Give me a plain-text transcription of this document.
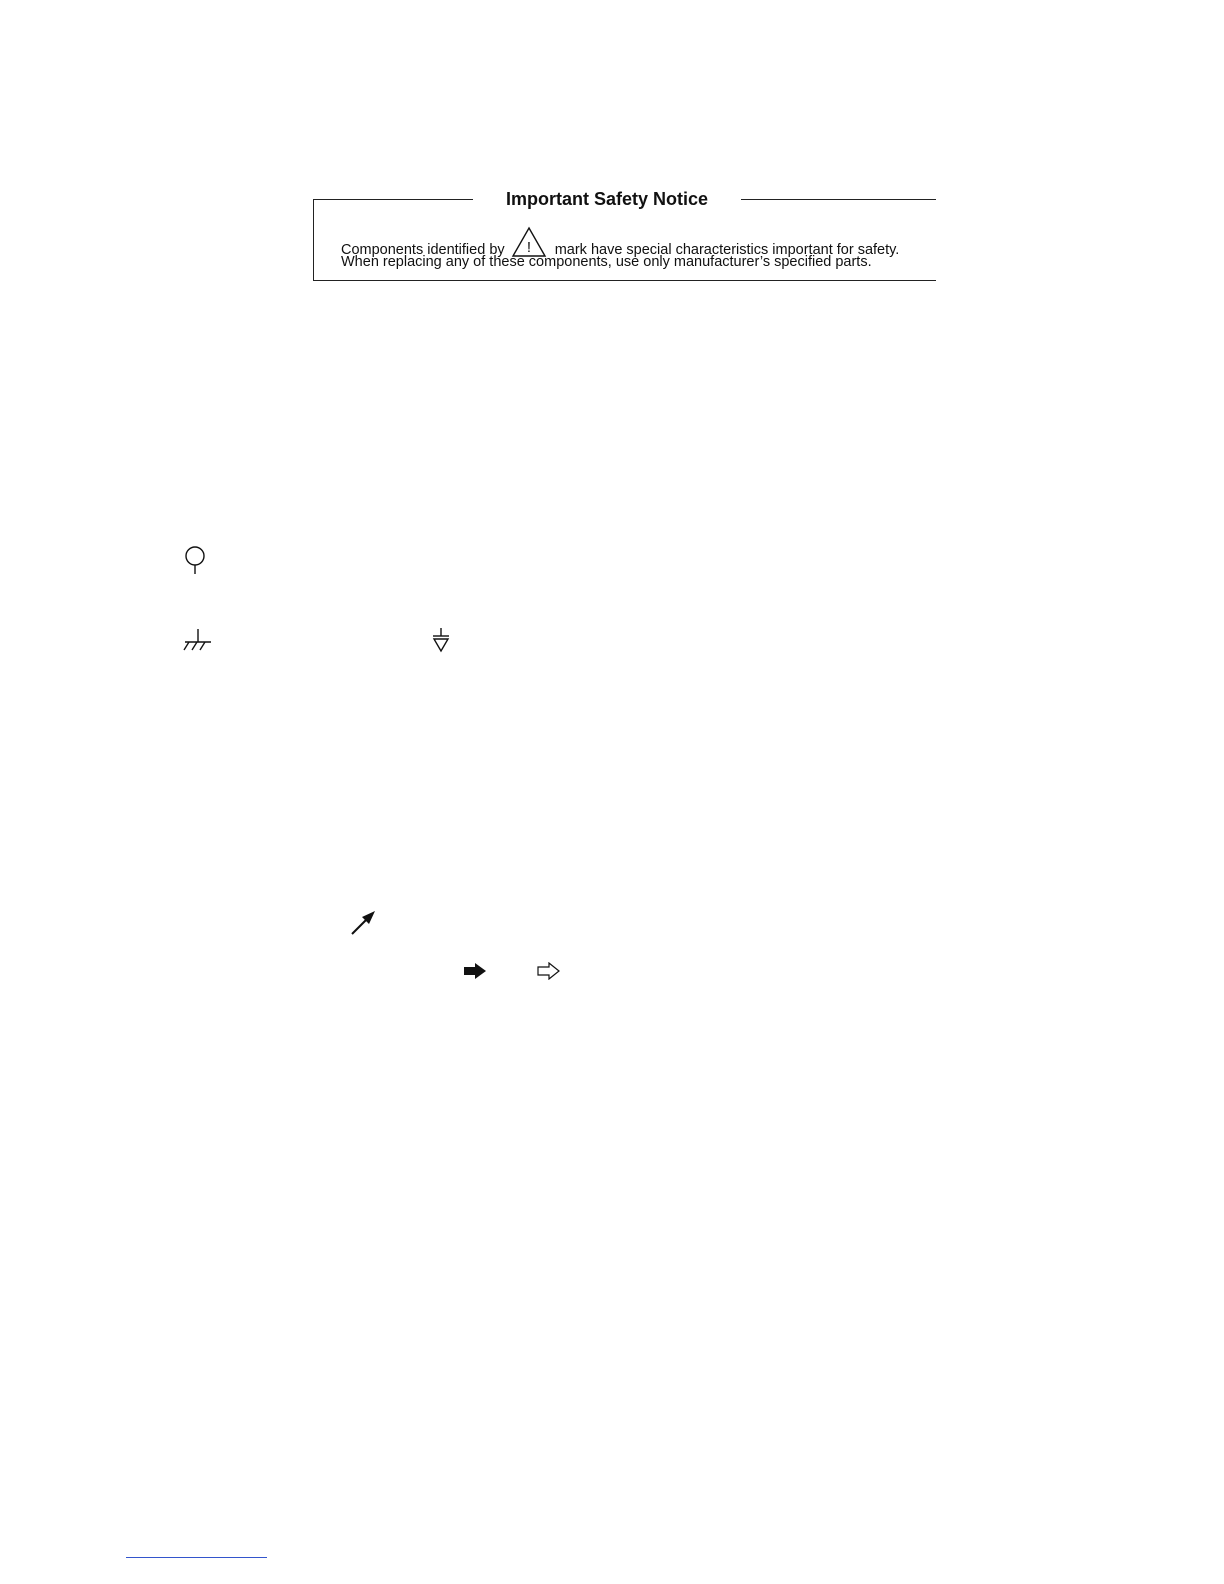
Important Safety Notice
Components identified by ! mark have special characteristics important for safety.
When replacing any of these components, use only manufacturer’s specified parts.
